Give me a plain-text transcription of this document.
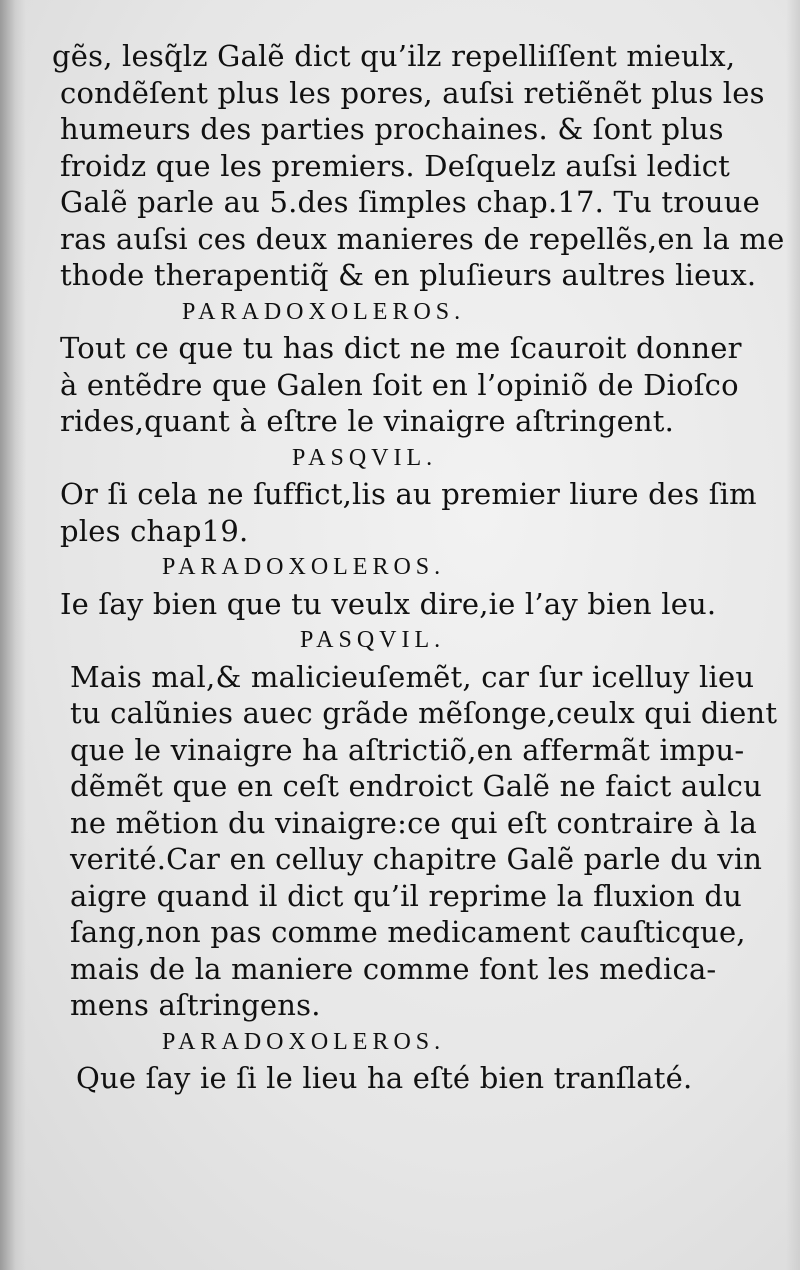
gẽs, lesq̃lz Galẽ dict qu’ilz repelliſſent mieulx,

condẽſent plus les pores, auſsi retiẽnẽt plus les

humeurs des parties prochaines. & ſont plus

froidz que les premiers. Deſquelz auſsi ledict

Galẽ parle au 5.des ſimples chap.17. Tu trouue

ras auſsi ces deux manieres de repellẽs,en la me

thode therapentiq̃ & en pluſieurs aultres lieux.

PARADOXOLEROS.

Tout ce que tu has dict ne me ſcauroit donner

à entẽdre que Galen ſoit en l’opiniõ de Dioſco

rides,quant à eſtre le vinaigre aſtringent.

PASQVIL.

Or ſi cela ne ſuffict,lis au premier liure des ſim

ples chap19.

PARADOXOLEROS.

Ie ſay bien que tu veulx dire,ie l’ay bien leu.

PASQVIL.

Mais mal,& malicieuſemẽt, car ſur icelluy lieu

tu calũnies auec grãde mẽſonge,ceulx qui dient

que le vinaigre ha aſtrictiõ,en affermãt impu-

dẽmẽt que en ceſt endroict Galẽ ne faict aulcu

ne mẽtion du vinaigre:ce qui eſt contraire à la

verité.Car en celluy chapitre Galẽ parle du vin

aigre quand il dict qu’il reprime la fluxion du

ſang,non pas comme medicament cauſticque,

mais de la maniere comme font les medica-

mens aſtringens.

PARADOXOLEROS.

Que ſay ie ſi le lieu ha eſté bien tranſlaté.
